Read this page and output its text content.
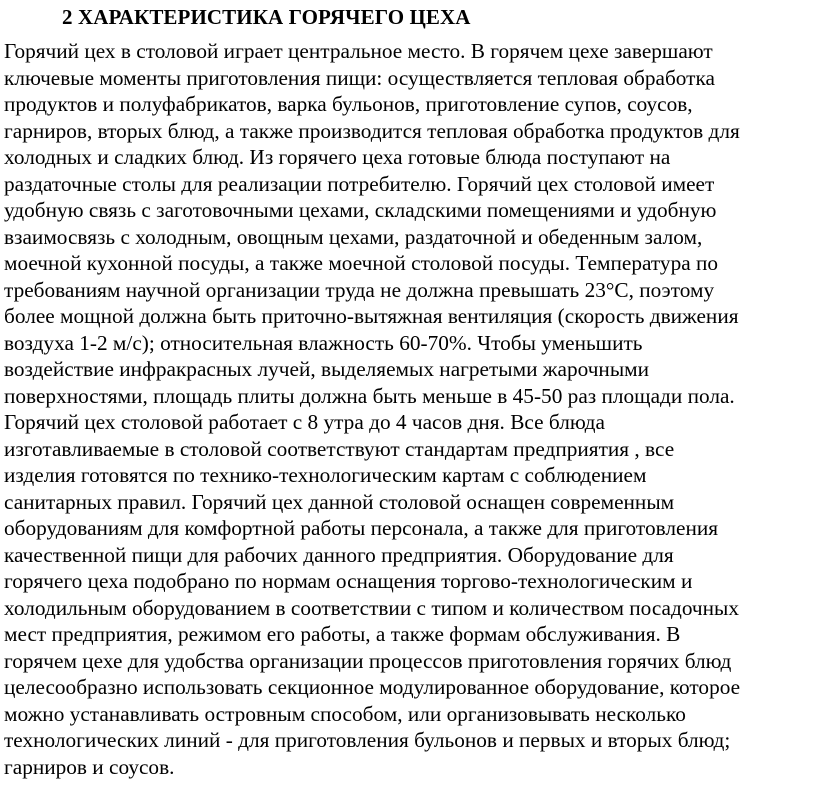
2 ХАРАКТЕРИСТИКА ГОРЯЧЕГО ЦЕХА
Горячий цех в столовой играет центральное место. В горячем цехе завершают
ключевые моменты приготовления пищи: осуществляется тепловая обработка
продуктов и полуфабрикатов, варка бульонов, приготовление супов, соусов,
гарниров, вторых блюд, а также производится тепловая обработка продуктов для
холодных и сладких блюд. Из горячего цеха готовые блюда поступают на
раздаточные столы для реализации потребителю. Горячий цех столовой имеет
удобную связь с заготовочными цехами, складскими помещениями и удобную
взаимосвязь с холодным, овощным цехами, раздаточной и обеденным залом,
моечной кухонной посуды, а также моечной столовой посуды. Температура по
требованиям научной организации труда не должна превышать 23°С, поэтому
более мощной должна быть приточно-вытяжная вентиляция (скорость движения
воздуха 1-2 м/с); относительная влажность 60-70%. Чтобы уменьшить
воздействие инфракрасных лучей, выделяемых нагретыми жарочными
поверхностями, площадь плиты должна быть меньше в 45-50 раз площади пола.
Горячий цех столовой работает с 8 утра до 4 часов дня. Все блюда
изготавливаемые в столовой соответствуют стандартам предприятия , все
изделия готовятся по технико-технологическим картам с соблюдением
санитарных правил. Горячий цех данной столовой оснащен современным
оборудованиям для комфортной работы персонала, а также для приготовления
качественной пищи для рабочих данного предприятия. Оборудование для
горячего цеха подобрано по нормам оснащения торгово-технологическим и
холодильным оборудованием в соответствии с типом и количеством посадочных
мест предприятия, режимом его работы, а также формам обслуживания. В
горячем цехе для удобства организации процессов приготовления горячих блюд
целесообразно использовать секционное модулированное оборудование, которое
можно устанавливать островным способом, или организовывать несколько
технологических линий - для приготовления бульонов и первых и вторых блюд;
гарниров и соусов.
